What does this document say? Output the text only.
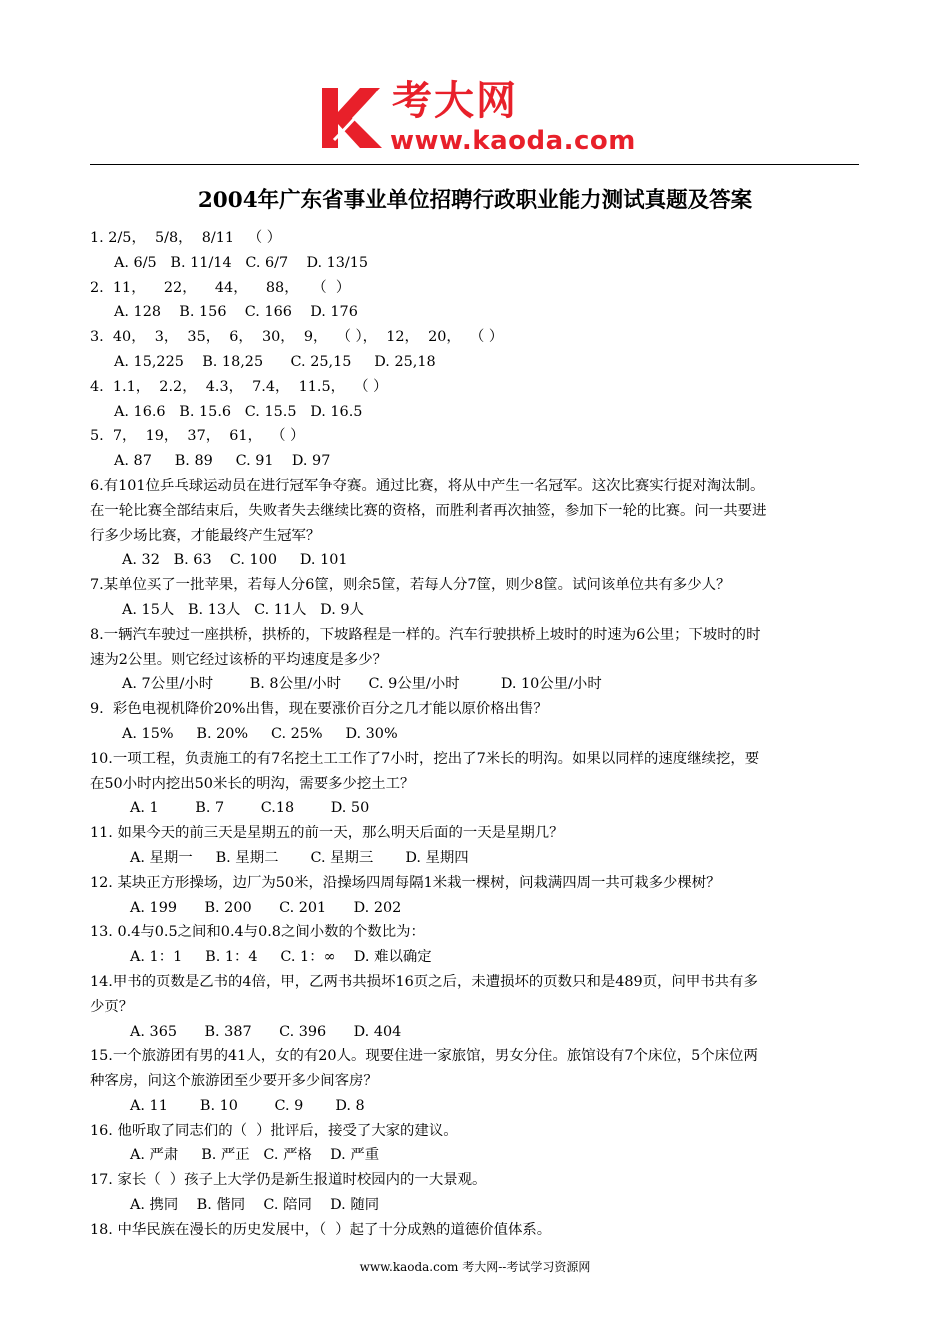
考大网
www.kaoda.com
2004年广东省事业单位招聘行政职业能力测试真题及答案
1. 2/5，  5/8，  8/11   （ ）
A. 6/5   B. 11/14   C. 6/7    D. 13/15
2.  11，    22，    44，    88，   （  ）
A. 128    B. 156    C. 166    D. 176
3.  40，  3，  35，  6，  30，  9，  （ ），  12，  20，  （ ）
A. 15,225    B. 18,25      C. 25,15     D. 25,18
4.  1.1，  2.2，  4.3，  7.4，  11.5，  （ ）
A. 16.6   B. 15.6   C. 15.5   D. 16.5
5.  7，  19，  37，  61，  （ ）
A. 87     B. 89     C. 91    D. 97
6.有101位乒乓球运动员在进行冠军争夺赛。通过比赛，将从中产生一名冠军。这次比赛实行捉对淘汰制。
在一轮比赛全部结束后，失败者失去继续比赛的资格，而胜利者再次抽签，参加下一轮的比赛。问一共要进
行多少场比赛，才能最终产生冠军？
A. 32   B. 63    C. 100     D. 101
7.某单位买了一批苹果，若每人分6筐，则余5筐，若每人分7筐，则少8筐。试问该单位共有多少人？
A. 15人   B. 13人   C. 11人   D. 9人
8.一辆汽车驶过一座拱桥，拱桥的，下坡路程是一样的。汽车行驶拱桥上坡时的时速为6公里；下坡时的时
速为2公里。则它经过该桥的平均速度是多少？
A. 7公里/小时        B. 8公里/小时      C. 9公里/小时         D. 10公里/小时
9.  彩色电视机降价20%出售，现在要涨价百分之几才能以原价格出售？
A. 15%     B. 20%     C. 25%     D. 30%
10.一项工程，负责施工的有7名挖土工工作了7小时，挖出了7米长的明沟。如果以同样的速度继续挖，要
在50小时内挖出50米长的明沟，需要多少挖土工？
A. 1        B. 7        C.18        D. 50
11. 如果今天的前三天是星期五的前一天，那么明天后面的一天是星期几？
A. 星期一     B. 星期二       C. 星期三       D. 星期四
12. 某块正方形操场，边厂为50米，沿操场四周每隔1米栽一棵树，问栽满四周一共可栽多少棵树？
A. 199      B. 200      C. 201      D. 202
13. 0.4与0.5之间和0.4与0.8之间小数的个数比为：
A. 1：1     B. 1：4     C. 1：∞    D. 难以确定
14.甲书的页数是乙书的4倍，甲，乙两书共损坏16页之后，未遭损坏的页数只和是489页，问甲书共有多
少页？
A. 365      B. 387      C. 396      D. 404
15.一个旅游团有男的41人，女的有20人。现要住进一家旅馆，男女分住。旅馆设有7个床位，5个床位两
种客房，问这个旅游团至少要开多少间客房？
A. 11       B. 10        C. 9       D. 8
16. 他听取了同志们的（  ）批评后，接受了大家的建议。
A. 严肃     B. 严正   C. 严格    D. 严重
17. 家长（  ）孩子上大学仍是新生报道时校园内的一大景观。
A. 携同    B. 偕同    C. 陪同    D. 随同
18. 中华民族在漫长的历史发展中，（  ）起了十分成熟的道德价值体系。
www.kaoda.com 考大网--考试学习资源网
